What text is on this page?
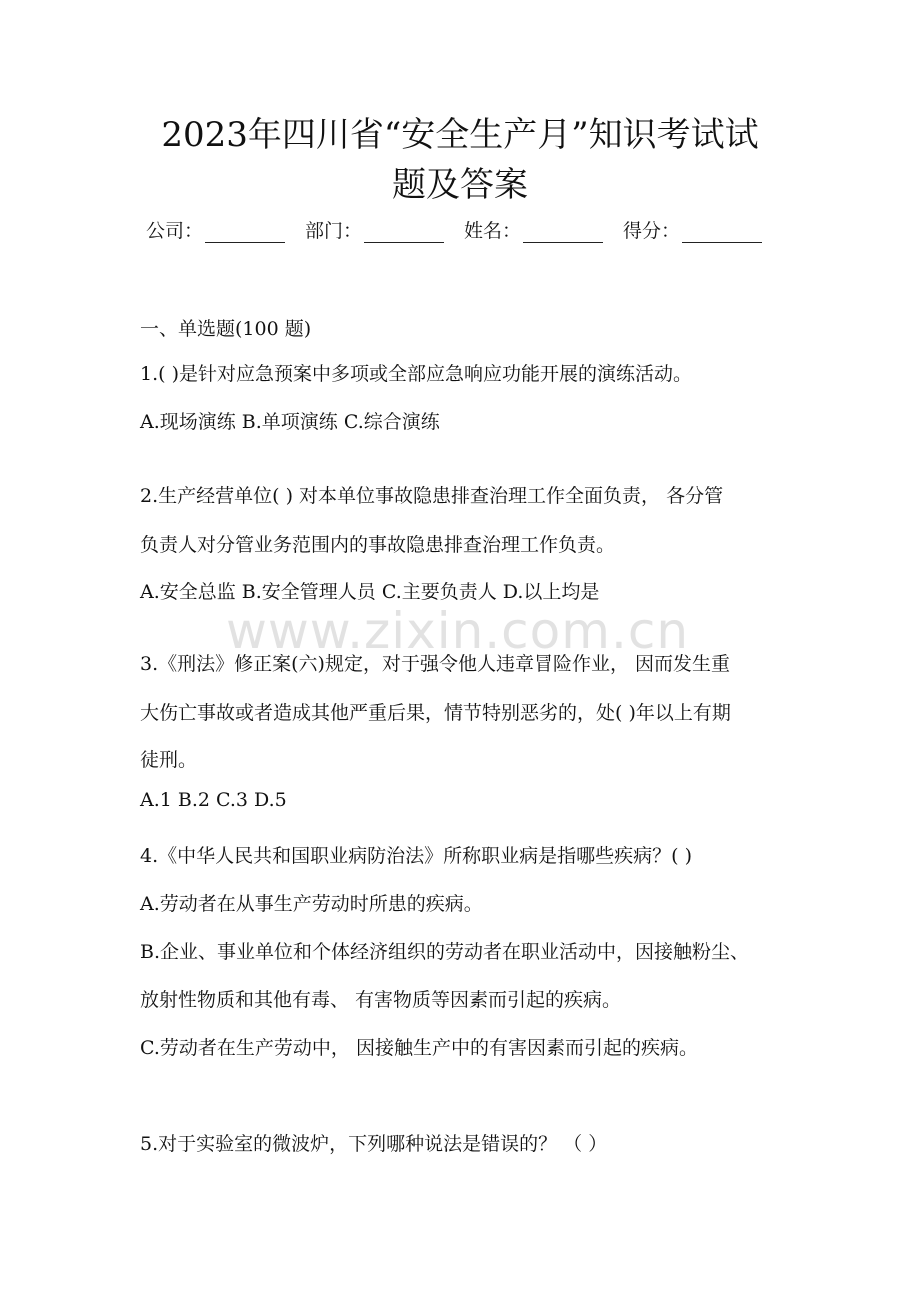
www.zixin.com.cn
2023年四川省“安全生产月”知识考试试
题及答案
公司：	部门：	姓名：	得分：
一、单选题(100 题)
1.( )是针对应急预案中多项或全部应急响应功能开展的演练活动。
A.现场演练 B.单项演练 C.综合演练
2.生产经营单位( ) 对本单位事故隐患排查治理工作全面负责， 各分管
负责人对分管业务范围内的事故隐患排查治理工作负责。
A.安全总监 B.安全管理人员 C.主要负责人 D.以上均是
3.《刑法》修正案(六)规定，对于强令他人违章冒险作业， 因而发生重
大伤亡事故或者造成其他严重后果，情节特别恶劣的，处( )年以上有期
徒刑。
A.1 B.2 C.3 D.5
4.《中华人民共和国职业病防治法》所称职业病是指哪些疾病？( )
A.劳动者在从事生产劳动时所患的疾病。
B.企业、事业单位和个体经济组织的劳动者在职业活动中，因接触粉尘、
放射性物质和其他有毒、 有害物质等因素而引起的疾病。
C.劳动者在生产劳动中， 因接触生产中的有害因素而引起的疾病。
5.对于实验室的微波炉，下列哪种说法是错误的？ （ ）
